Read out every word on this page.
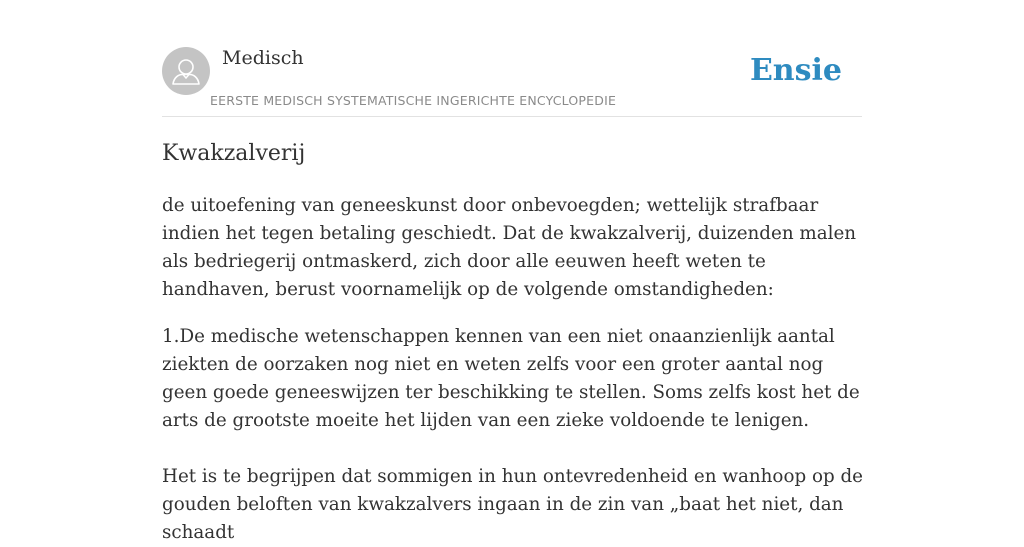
Medisch
EERSTE MEDISCH SYSTEMATISCHE INGERICHTE ENCYCLOPEDIE
Ensie
Kwakzalverij

de uitoefening van geneeskunst door onbevoegden; wettelijk strafbaar indien het tegen betaling geschiedt. Dat de kwakzalverij, duizenden malen als bedriegerij ontmaskerd, zich door alle eeuwen heeft weten te handhaven, berust voornamelijk op de volgende omstandigheden:

1.De medische wetenschappen kennen van een niet onaanzienlijk aantal ziekten de oorzaken nog niet en weten zelfs voor een groter aantal nog geen goede geneeswijzen ter beschikking te stellen. Soms zelfs kost het de arts de grootste moeite het lijden van een zieke voldoende te lenigen.

Het is te begrijpen dat sommigen in hun ontevredenheid en wanhoop op de gouden beloften van kwakzalvers ingaan in de zin van „baat het niet, dan schaadt
